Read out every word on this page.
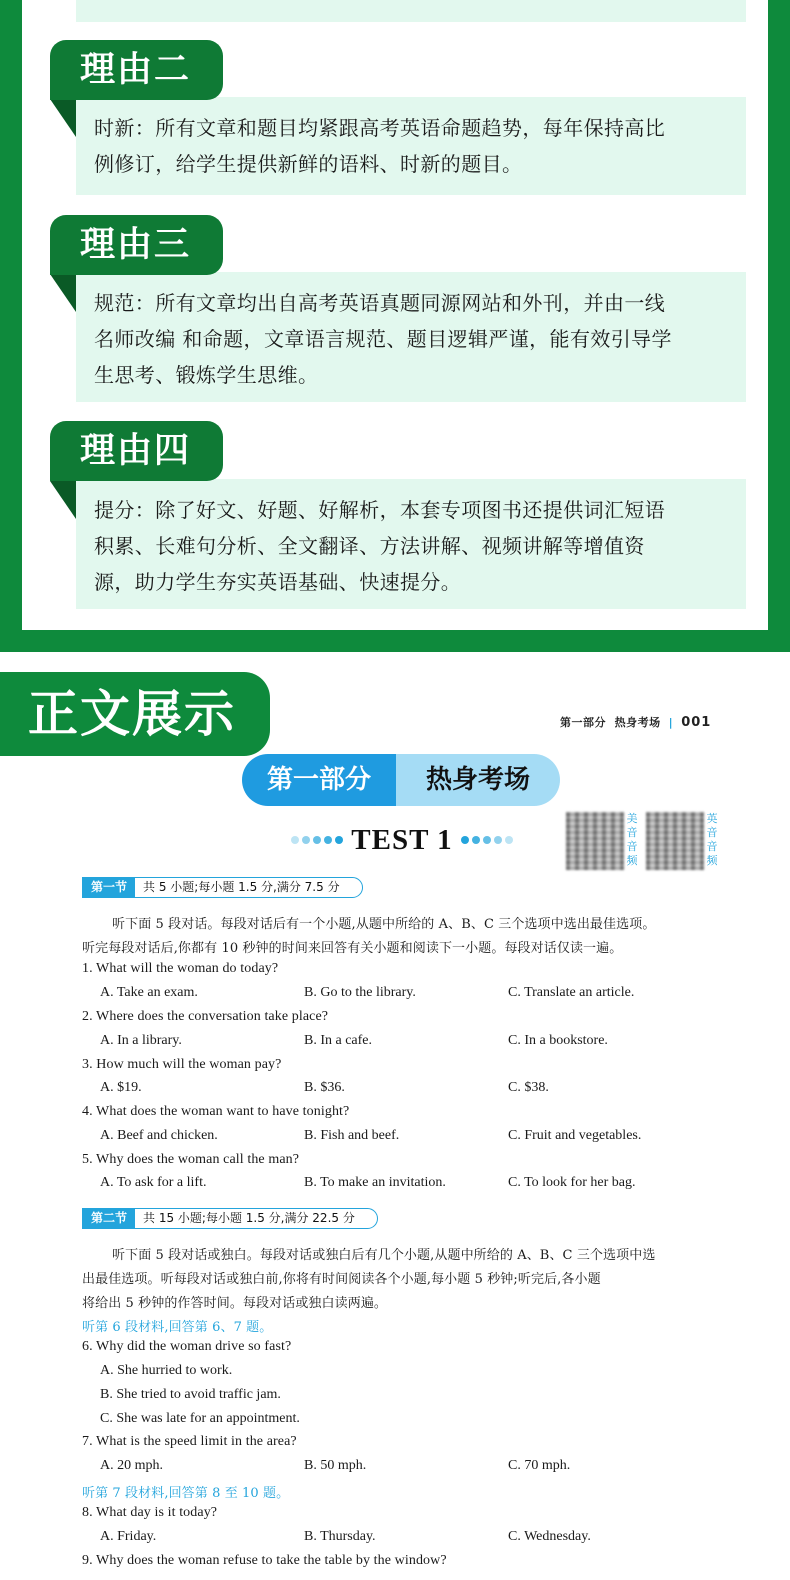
时新：所有文章和题目均紧跟高考英语命题趋势，每年保持高比
例修订，给学生提供新鲜的语料、时新的题目。
理由二
规范：所有文章均出自高考英语真题同源网站和外刊，并由一线
名师改编 和命题，文章语言规范、题目逻辑严谨，能有效引导学
生思考、锻炼学生思维。
理由三
提分：除了好文、好题、好解析，本套专项图书还提供词汇短语
积累、长难句分析、全文翻译、方法讲解、视频讲解等增值资
源，助力学生夯实英语基础、快速提分。
理由四
正文展示	第一部分 热身考场 | 001
第一部分	热身考场
TEST 1
美
音
音
频
英
音
音
频
第一节	共 5 小题;每小题 1.5 分,满分 7.5 分
听下面 5 段对话。每段对话后有一个小题,从题中所给的 A、B、C 三个选项中选出最佳选项。
听完每段对话后,你都有 10 秒钟的时间来回答有关小题和阅读下一小题。每段对话仅读一遍。
1. What will the woman do today?
A. Take an exam.	B. Go to the library.	C. Translate an article.
2. Where does the conversation take place?
A. In a library.	B. In a cafe.	C. In a bookstore.
3. How much will the woman pay?
A. $19.	B. $36.	C. $38.
4. What does the woman want to have tonight?
A. Beef and chicken.	B. Fish and beef.	C. Fruit and vegetables.
5. Why does the woman call the man?
A. To ask for a lift.	B. To make an invitation.	C. To look for her bag.
第二节	共 15 小题;每小题 1.5 分,满分 22.5 分
听下面 5 段对话或独白。每段对话或独白后有几个小题,从题中所给的 A、B、C 三个选项中选
出最佳选项。听每段对话或独白前,你将有时间阅读各个小题,每小题 5 秒钟;听完后,各小题
将给出 5 秒钟的作答时间。每段对话或独白读两遍。
听第 6 段材料,回答第 6、7 题。
6. Why did the woman drive so fast?
A. She hurried to work.
B. She tried to avoid traffic jam.
C. She was late for an appointment.
7. What is the speed limit in the area?
A. 20 mph.	B. 50 mph.	C. 70 mph.
听第 7 段材料,回答第 8 至 10 题。
8. What day is it today?
A. Friday.	B. Thursday.	C. Wednesday.
9. Why does the woman refuse to take the table by the window?
